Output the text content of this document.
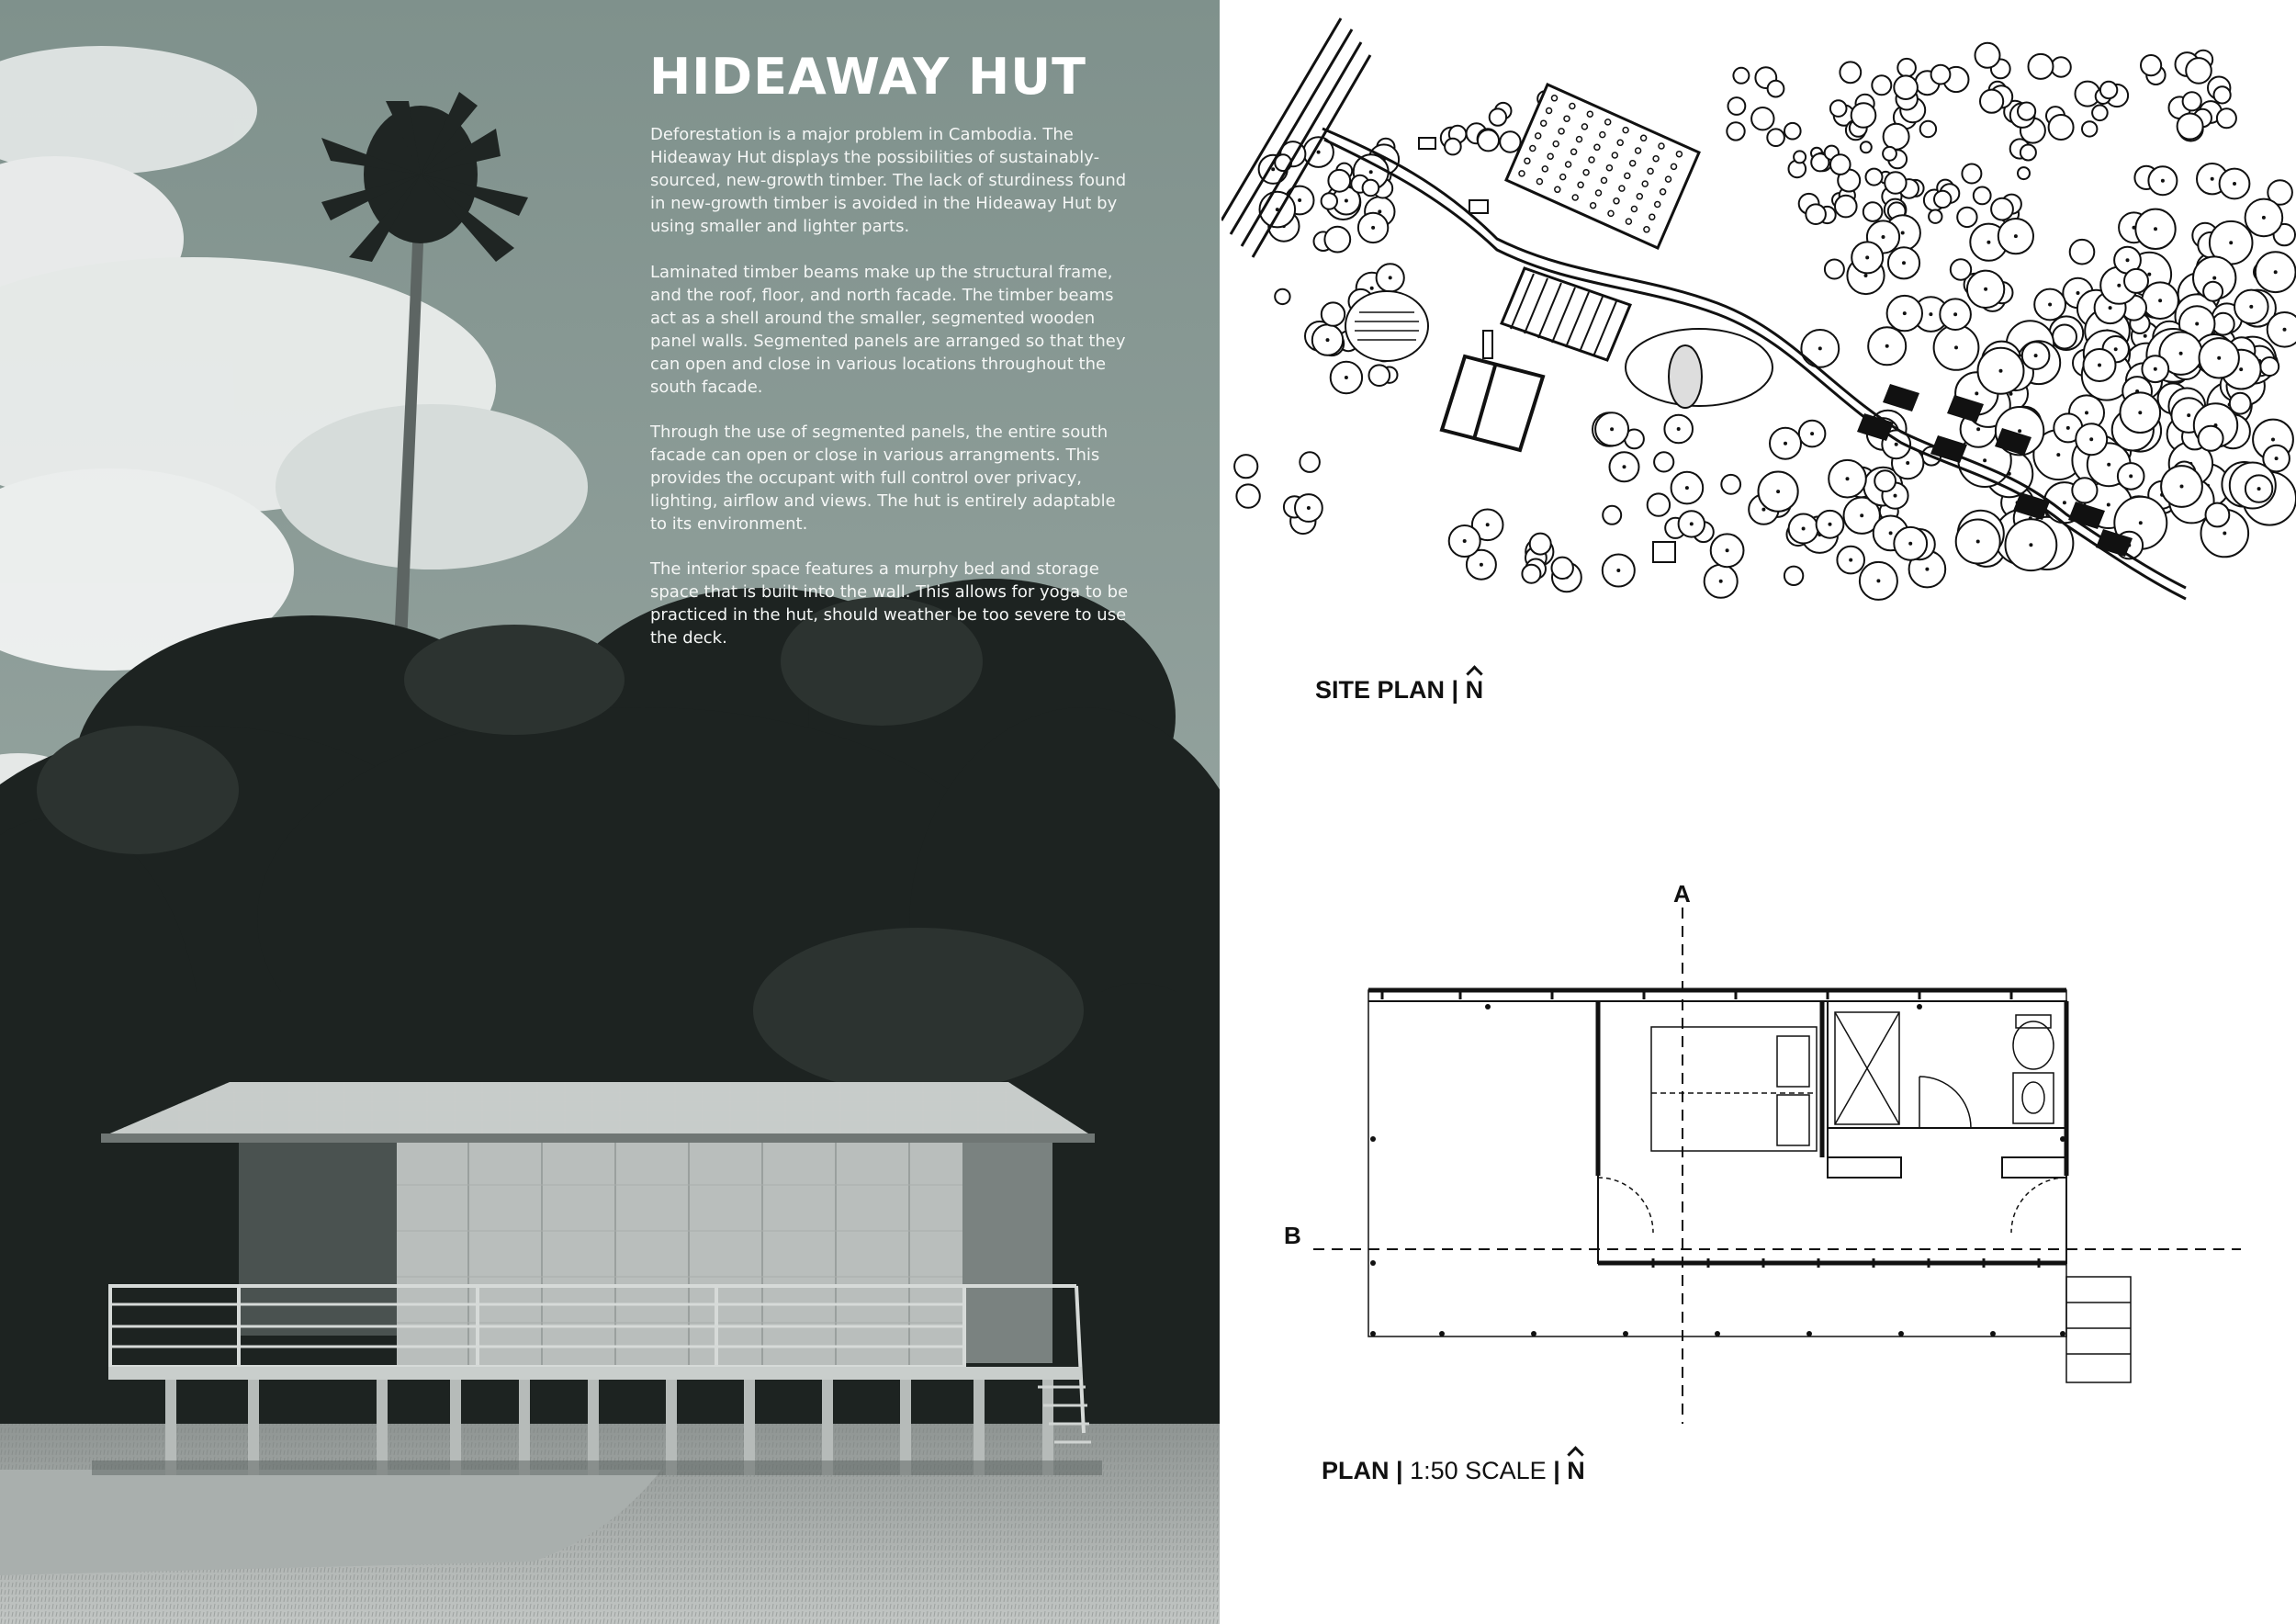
HIDEAWAY HUT

Deforestation is a major problem in Cambodia. The Hideaway Hut displays the possibilities of sustainably-sourced, new-growth timber. The lack of sturdiness found in new-growth timber is avoided in the Hideaway Hut by using smaller and lighter parts.

Laminated timber beams make up the structural frame, and the roof, floor, and north facade. The timber beams act as a shell around the smaller, segmented wooden panel walls. Segmented panels are arranged so that they can open and close in various locations throughout the south facade.

Through the use of segmented panels, the entire south facade can open or close in various arrangments. This provides the occupant with full control over privacy, lighting, airflow and views. The hut is entirely adaptable to its environment.

The interior space features a murphy bed and storage space that is built into the wall. This allows for yoga to be practiced in the hut, should weather be too severe to use the deck.

SITE PLAN | N
A
B
PLAN | 1:50 SCALE | N
